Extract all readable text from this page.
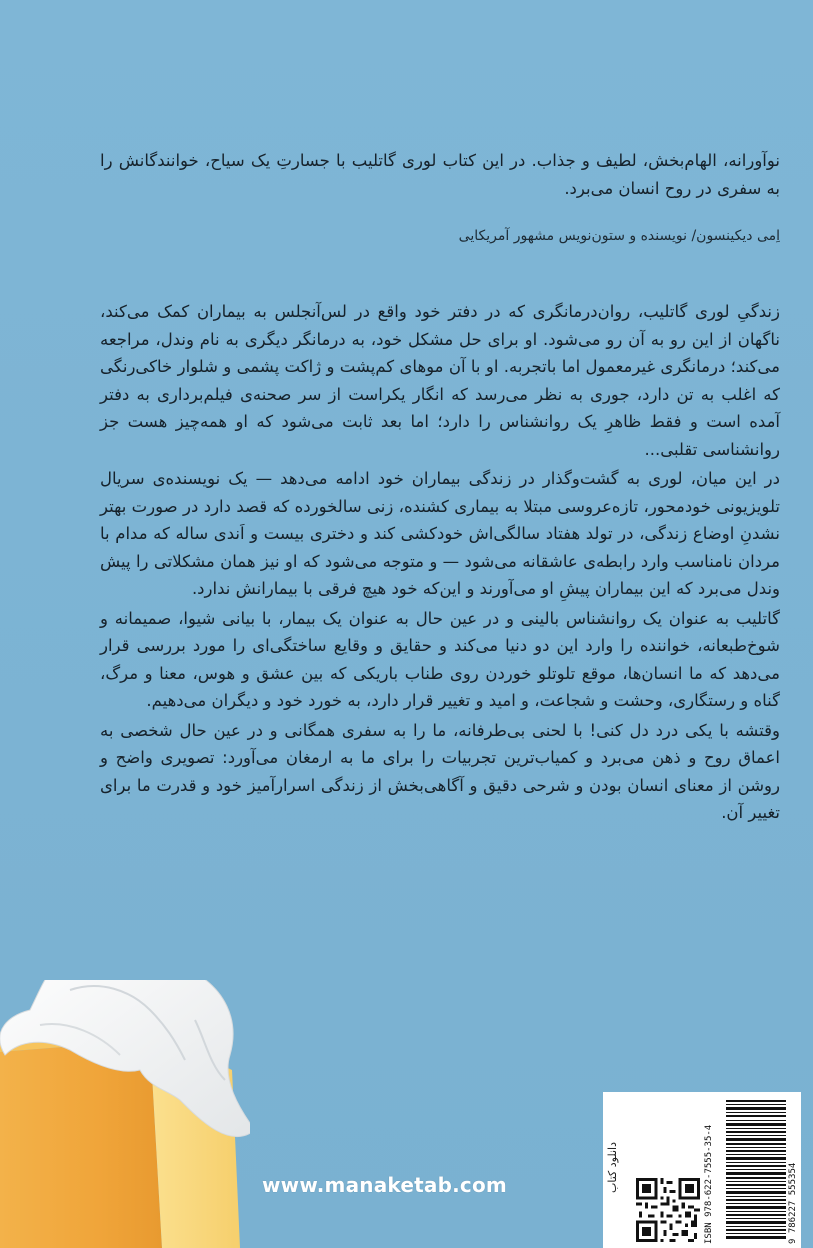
نوآورانه، الهام‌بخش، لطیف و جذاب. در این کتاب لوری گاتلیب با جسارتِ یک سیاح، خوانندگانش را به سفری در روح انسان می‌برد.
اِمی دیکینسون/ نویسنده و ستون‌نویس مشهور آمریکایی

زندگیِ لوری گاتلیب، روان‌درمانگری که در دفتر خود واقع در لس‌آنجلس به بیماران کمک می‌کند، ناگهان از این رو به آن رو می‌شود. او برای حل مشکل خود، به درمانگر دیگری به نام وندل، مراجعه می‌کند؛ درمانگری غیرمعمول اما باتجربه. او با آن موهای کم‌پشت و ژاکت پشمی و شلوار خاکی‌رنگی که اغلب به تن دارد، جوری به نظر می‌رسد که انگار یکراست از سر صحنه‌ی فیلم‌برداری به دفتر آمده است و فقط ظاهرِ یک روانشناس را دارد؛ اما بعد ثابت می‌شود که او همه‌چیز هست جز روانشناسی تقلبی...

در این میان، لوری به گشت‌وگذار در زندگی بیماران خود ادامه می‌دهد — یک نویسنده‌ی سریال تلویزیونی خودمحور، تازه‌عروسی مبتلا به بیماری کشنده، زنی سالخورده که قصد دارد در صورت بهتر نشدنِ اوضاع زندگی، در تولد هفتاد سالگی‌اش خودکشی کند و دختری بیست و اَندی ساله که مدام با مردان نامناسب وارد رابطه‌ی عاشقانه می‌شود — و متوجه می‌شود که او نیز همان مشکلاتی را پیش وندل می‌برد که این بیماران پیشِ او می‌آورند و این‌که خود هیچ فرقی با بیمارانش ندارد.

گاتلیب به عنوان یک روانشناس بالینی و در عین حال به عنوان یک بیمار، با بیانی شیوا، صمیمانه و شوخ‌طبعانه، خواننده را وارد این دو دنیا می‌کند و حقایق و وقایع ساختگی‌ای را مورد بررسی قرار می‌دهد که ما انسان‌ها، موقع تلوتلو خوردن روی طناب باریکی که بین عشق و هوس، معنا و مرگ، گناه و رستگاری، وحشت و شجاعت، و امید و تغییر قرار دارد، به خورد خود و دیگران می‌دهیم.

وقتشه با یکی درد دل کنی! با لحنی بی‌طرفانه، ما را به سفری همگانی و در عین حال شخصی به اعماق روح و ذهن می‌برد و کمیاب‌ترین تجربیات را برای ما به ارمغان می‌آورد: تصویری واضح و روشن از معنای انسان بودن و شرحی دقیق و آگاهی‌بخش از زندگی اسرارآمیز خود و قدرت ما برای تغییر آن.

www.manaketab.com	دانلود کتاب	ISBN 978-622-7555-35-4	9 786227 555354
